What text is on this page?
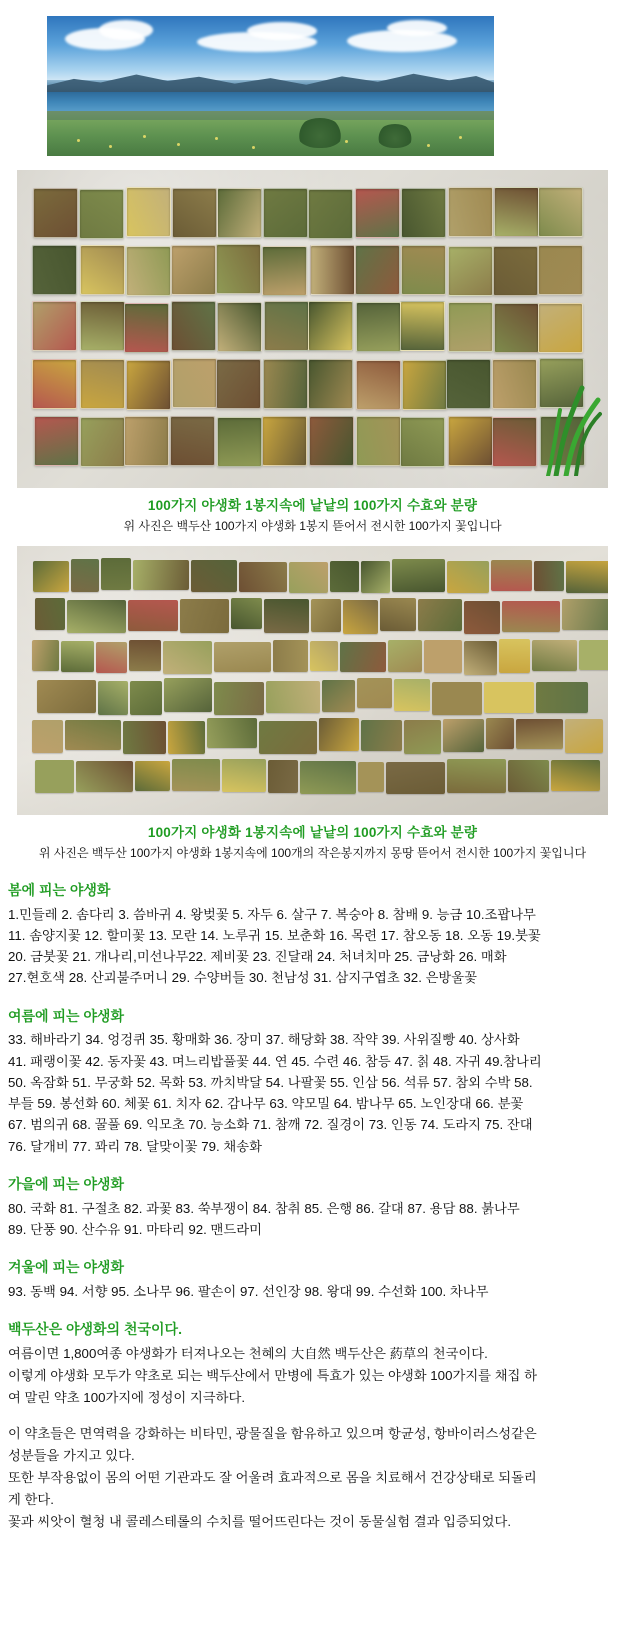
100가지 야생화 1봉지속에 낱낱의 100가지 수효와 분량
위 사진은 백두산 100가지 야생화 1봉지 뜯어서 전시한 100가지 꽃입니다
100가지 야생화 1봉지속에 낱낱의 100가지 수효와 분량
위 사진은 백두산 100가지 야생화 1봉지속에 100개의 작은봉지까지 몽땅 뜯어서 전시한 100가지 꽃입니다
봄에 피는 야생화

1.민들레 2. 솜다리 3. 씀바귀 4. 왕벚꽃 5. 자두 6. 살구 7. 복숭아 8. 참배 9. 능금 10.조팝나무

11. 솜양지꽃 12. 할미꽃 13. 모란 14. 노루귀 15. 보춘화 16. 목련 17. 참오동 18. 오동 19.붓꽃

20. 금붓꽃 21. 개나리,미선나무22. 제비꽃 23. 진달래 24. 처녀치마 25. 금낭화 26. 매화

27.현호색 28. 산괴불주머니 29. 수양버들 30. 천남성 31. 삼지구엽초 32. 은방울꽃

여름에 피는 야생화

33. 해바라기 34. 엉겅퀴 35. 황매화 36. 장미 37. 해당화 38. 작약 39. 사위질빵 40. 상사화

41. 패랭이꽃 42. 동자꽃 43. 며느리밥풀꽃 44. 연 45. 수련 46. 참등 47. 칡 48. 자귀 49.참나리

50. 옥잠화 51. 무궁화 52. 목화 53. 까치박달 54. 나팔꽃 55. 인삼 56. 석류 57. 참외 수박 58.

부들 59. 봉선화 60. 체꽃 61. 치자 62. 감나무 63. 약모밀 64. 밤나무 65. 노인장대 66. 분꽃

67. 범의귀 68. 꿀풀 69. 익모초 70. 능소화 71. 참깨 72. 질경이 73. 인동 74. 도라지 75. 잔대

76. 달개비 77. 꽈리 78. 달맞이꽃 79. 채송화

가을에 피는 야생화

80. 국화 81. 구절초 82. 과꽃 83. 쑥부쟁이 84. 참취 85. 은행 86. 갈대 87. 용담 88. 붉나무

89. 단풍 90. 산수유 91. 마타리 92. 맨드라미

겨울에 피는 야생화

93. 동백 94. 서향 95. 소나무 96. 팔손이 97. 선인장 98. 왕대 99. 수선화 100. 차나무

백두산은 야생화의 천국이다.

여름이면 1,800여종 야생화가 터져나오는 천혜의 大自然 백두산은 葯草의 천국이다.

이렇게 야생화 모두가 약초로 되는 백두산에서 만병에 특효가 있는 야생화 100가지를 채집 하

여 말린 약초 100가지에 정성이 지극하다.

이 약초들은 면역력을 강화하는 비타민, 광물질을 함유하고 있으며 항균성, 항바이러스성같은

성분들을 가지고 있다.

또한 부작용없이 몸의 어떤 기관과도 잘 어울려 효과적으로 몸을 치료해서 건강상태로 되돌리

게 한다.

꽃과 씨앗이 혈청 내 콜레스테롤의 수치를 떨어뜨린다는 것이 동물실험 결과 입증되었다.
